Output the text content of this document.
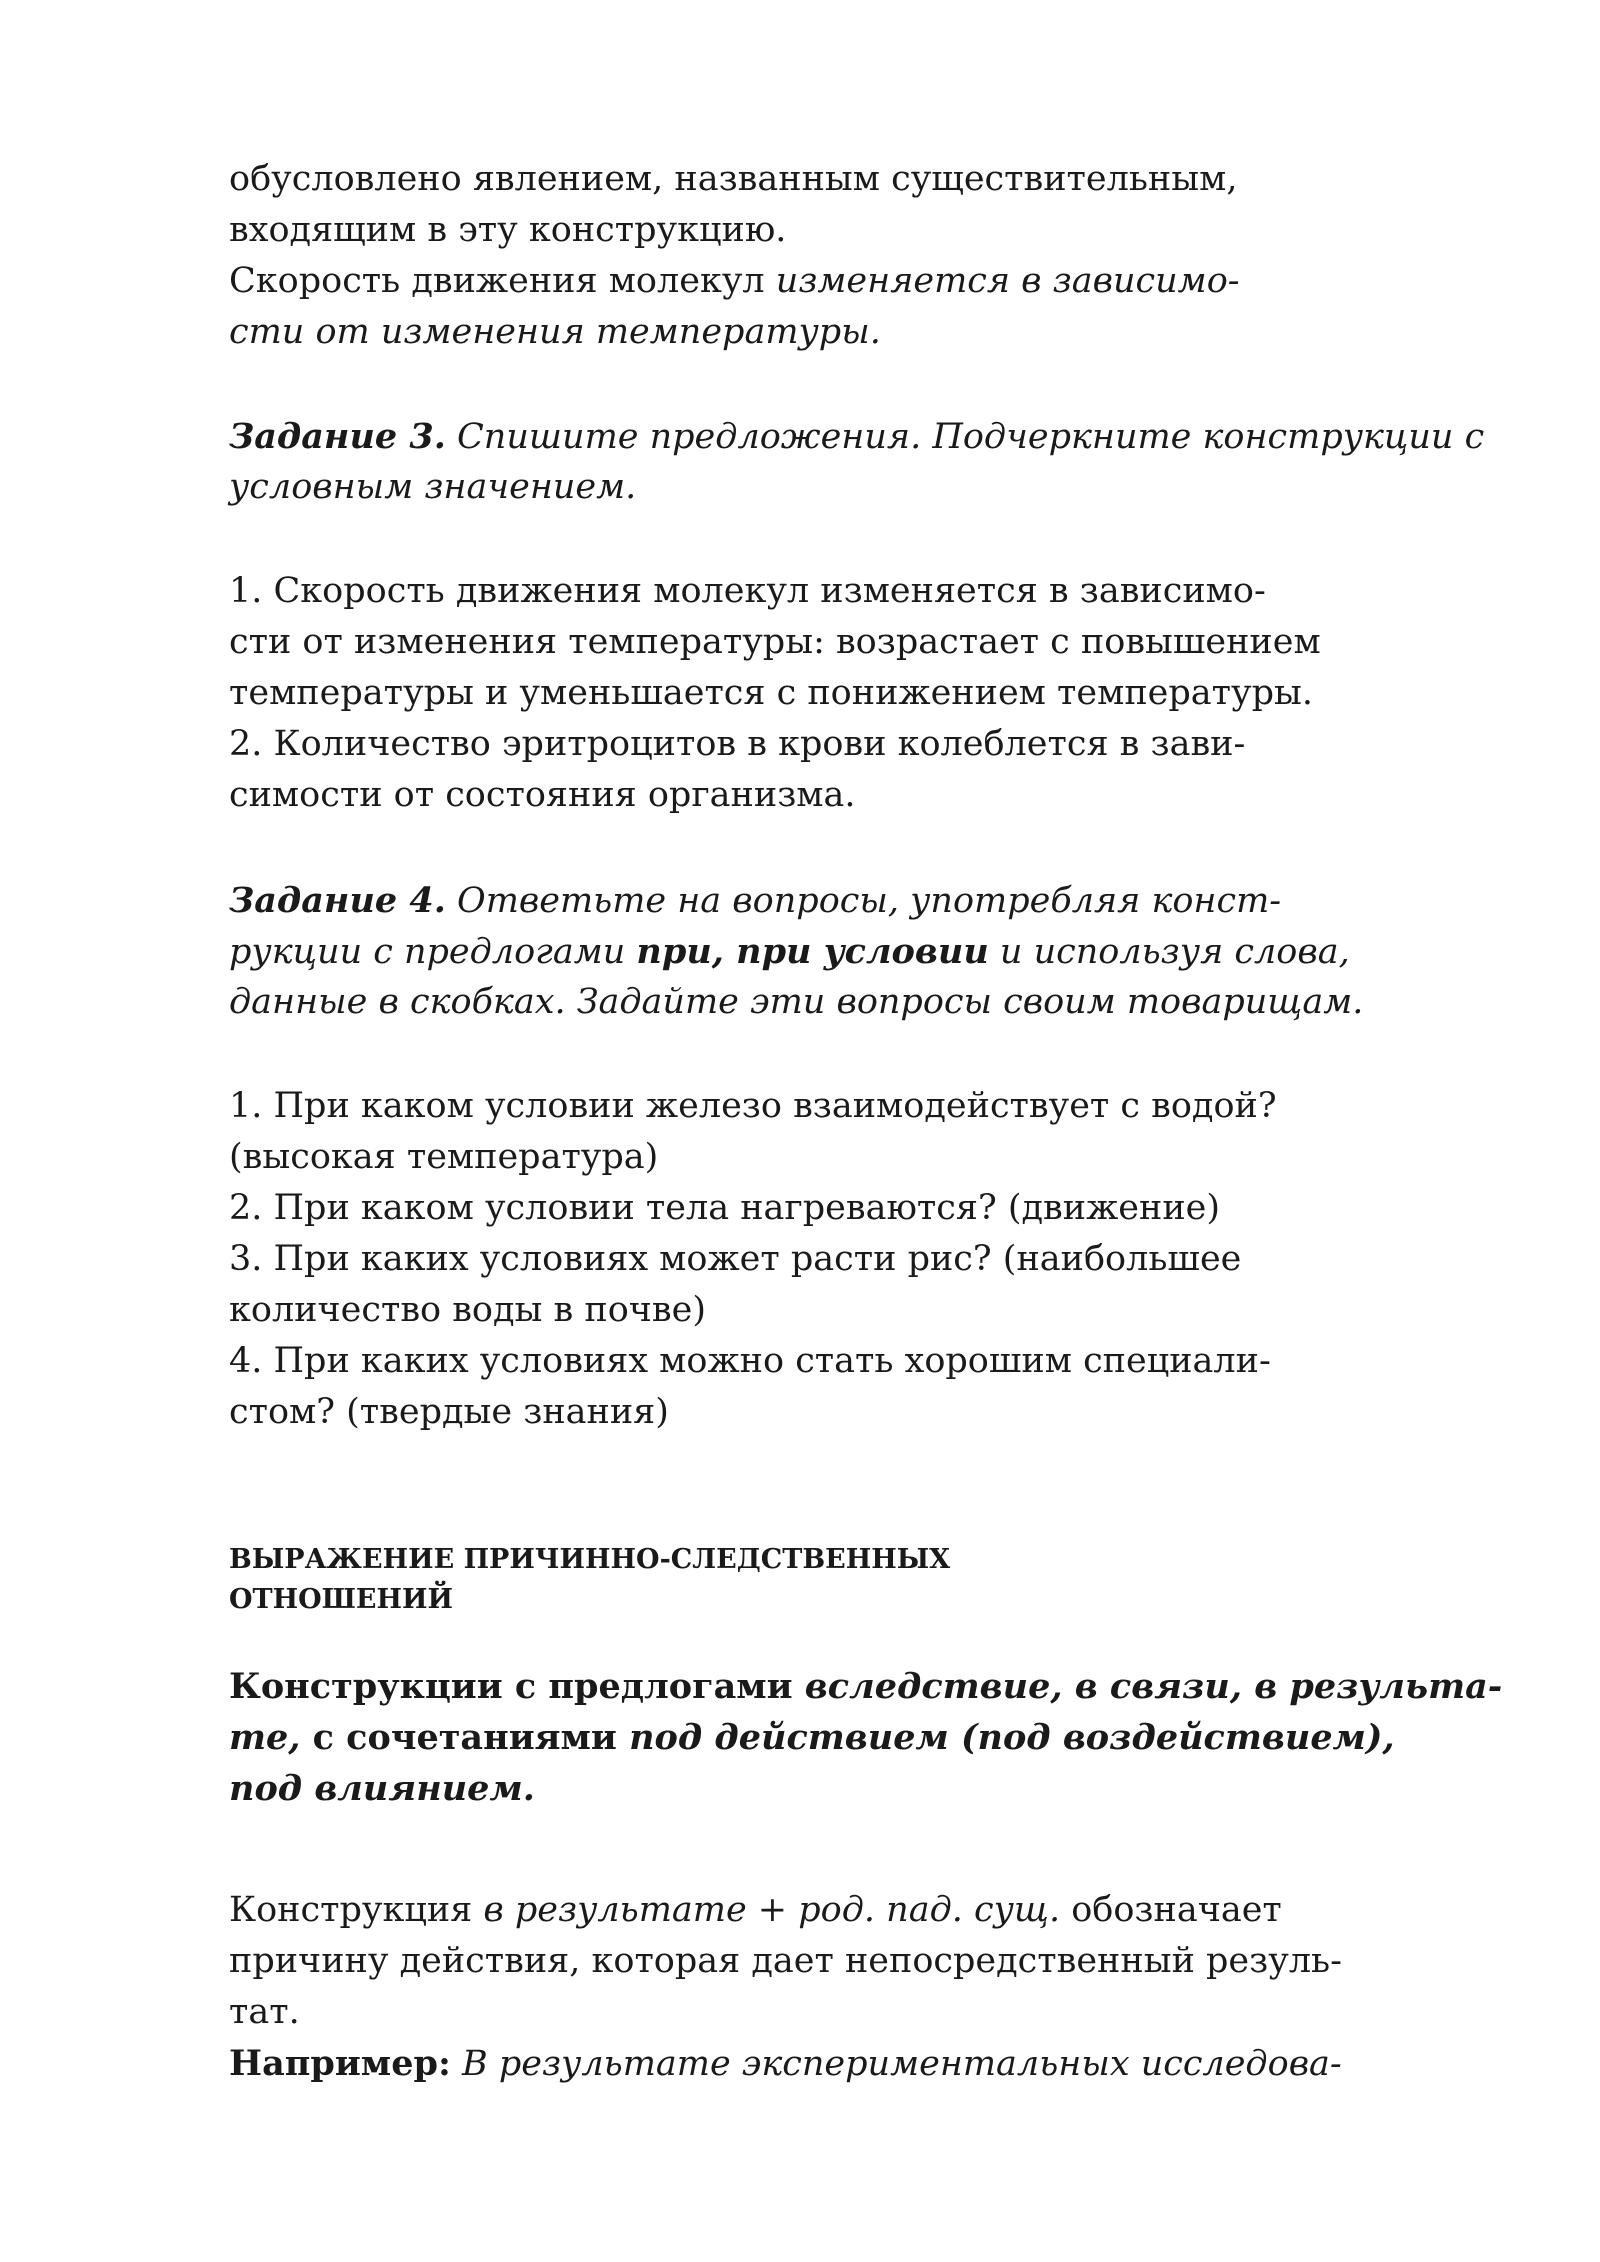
обусловлено явлением, названным существительным,
входящим в эту конструкцию.
Скорость движения молекул изменяется в зависимо-
сти от изменения температуры.
Задание 3. Спишите предложения. Подчеркните конструкции с
условным значением.
1. Скорость движения молекул изменяется в зависимо-
сти от изменения температуры: возрастает с повышением
температуры и уменьшается с понижением температуры.
2. Количество эритроцитов в крови колеблется в зави-
симости от состояния организма.
Задание 4. Ответьте на вопросы, употребляя конст-
рукции с предлогами при, при условии и используя слова,
данные в скобках. Задайте эти вопросы своим товарищам.
1. При каком условии железо взаимодействует с водой?
(высокая температура)
2. При каком условии тела нагреваются? (движение)
3. При каких условиях может расти рис? (наибольшее
количество воды в почве)
4. При каких условиях можно стать хорошим специали-
стом? (твердые знания)
ВЫРАЖЕНИЕ ПРИЧИННО-СЛЕДСТВЕННЫХ
ОТНОШЕНИЙ
Конструкции с предлогами вследствие, в связи, в результа-
те, с сочетаниями под действием (под воздействием),
под влиянием.
Конструкция в результате + род. пад. сущ. обозначает
причину действия, которая дает непосредственный резуль-
тат.
Например: В результате экспериментальных исследова-
